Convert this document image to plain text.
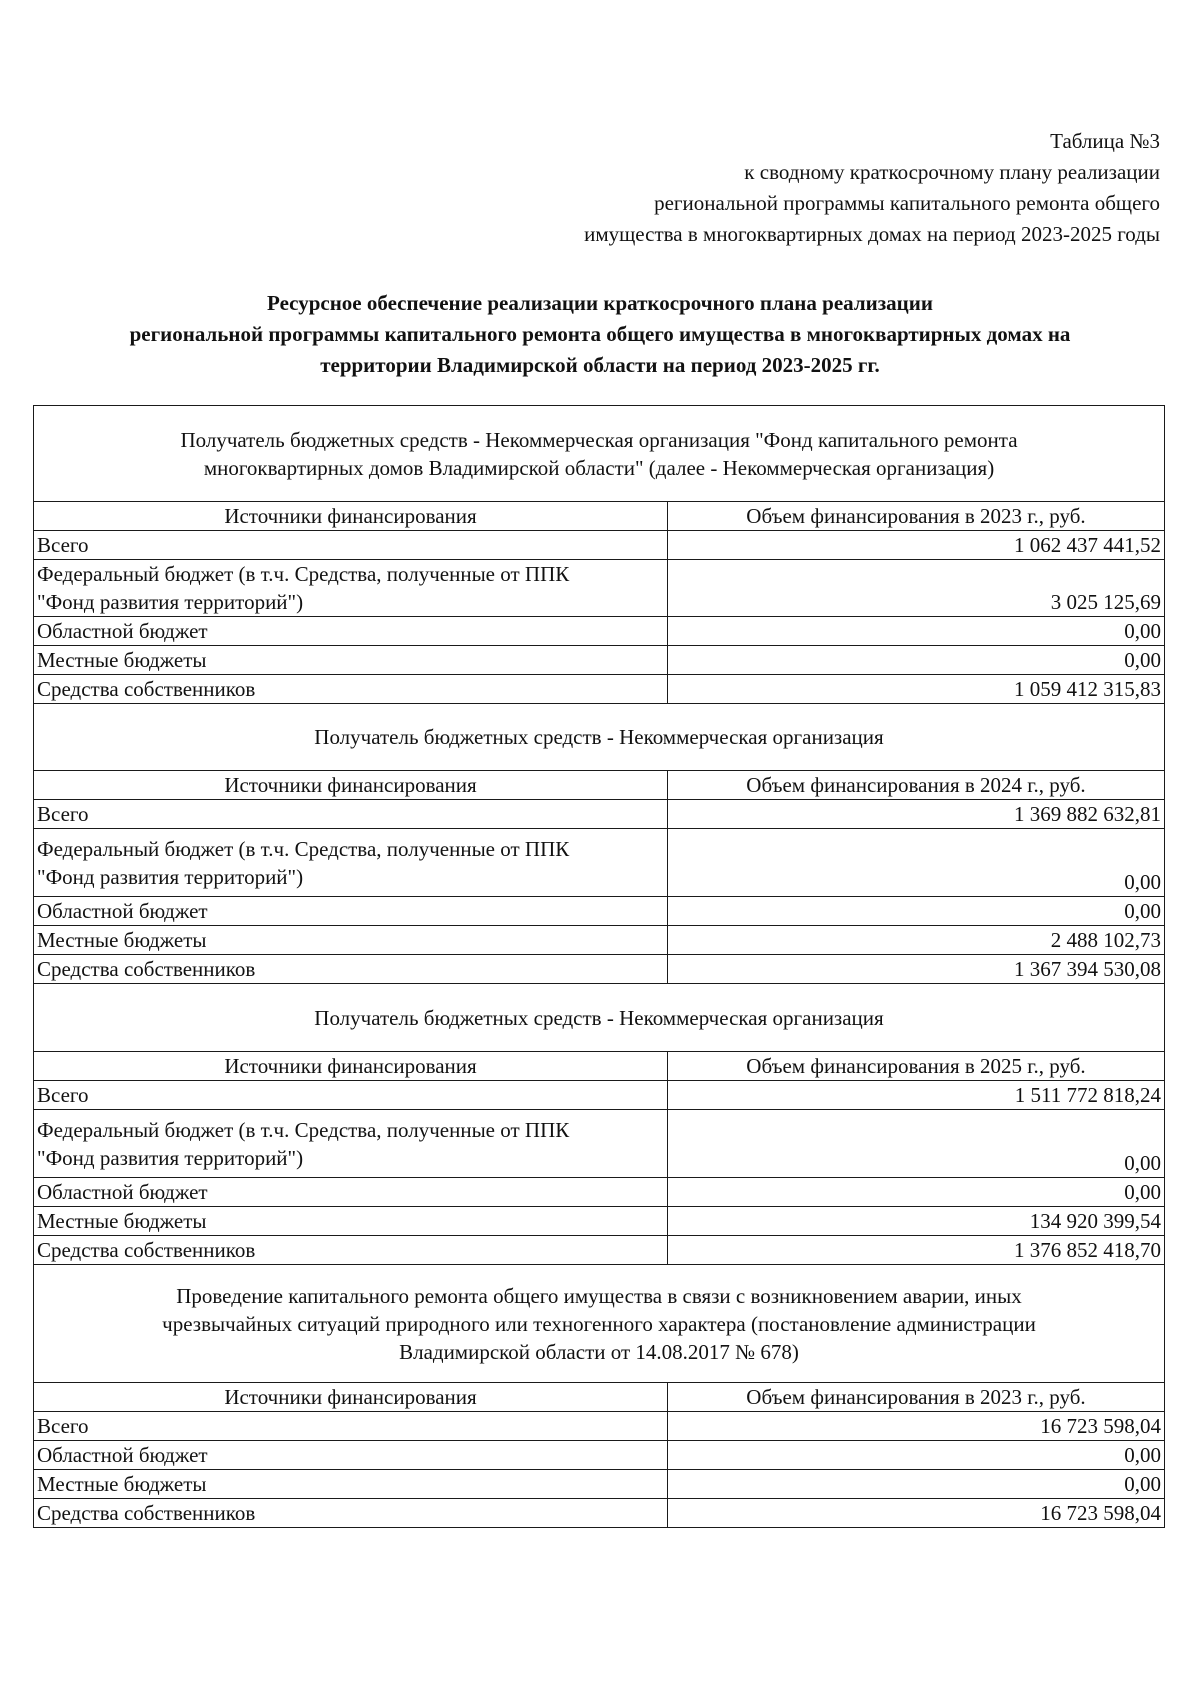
Таблица №3
к сводному краткосрочному плану реализации
региональной программы капитального ремонта общего
имущества в многоквартирных домах на период 2023-2025 годы
Ресурсное обеспечение реализации краткосрочного плана реализации
региональной программы капитального ремонта общего имущества в многоквартирных домах на
территории Владимирской области на период 2023-2025 гг.
Получатель бюджетных средств - Некоммерческая организация "Фонд капитального ремонта
многоквартирных домов Владимирской области" (далее - Некоммерческая организация)	

Источники финансирования	Объем финансирования в 2023 г., руб.

Всего	1 062 437 441,52

Федеральный бюджет (в т.ч. Средства, полученные от ППК
"Фонд развития территорий")	3 025 125,69

Областной бюджет	0,00

Местные бюджеты	0,00

Средства собственников	1 059 412 315,83

Получатель бюджетных средств - Некоммерческая организация	

Источники финансирования	Объем финансирования в 2024 г., руб.

Всего	1 369 882 632,81

Федеральный бюджет (в т.ч. Средства, полученные от ППК
"Фонд развития территорий")	0,00

Областной бюджет	0,00

Местные бюджеты	2 488 102,73

Средства собственников	1 367 394 530,08

Получатель бюджетных средств - Некоммерческая организация	

Источники финансирования	Объем финансирования в 2025 г., руб.

Всего	1 511 772 818,24

Федеральный бюджет (в т.ч. Средства, полученные от ППК
"Фонд развития территорий")	0,00

Областной бюджет	0,00

Местные бюджеты	134 920 399,54

Средства собственников	1 376 852 418,70

Проведение капитального ремонта общего имущества в связи с возникновением аварии, иных
чрезвычайных ситуаций природного или техногенного характера (постановление администрации
Владимирской области от 14.08.2017 № 678)	

Источники финансирования	Объем финансирования в 2023 г., руб.

Всего	16 723 598,04

Областной бюджет	0,00

Местные бюджеты	0,00

Средства собственников	16 723 598,04
